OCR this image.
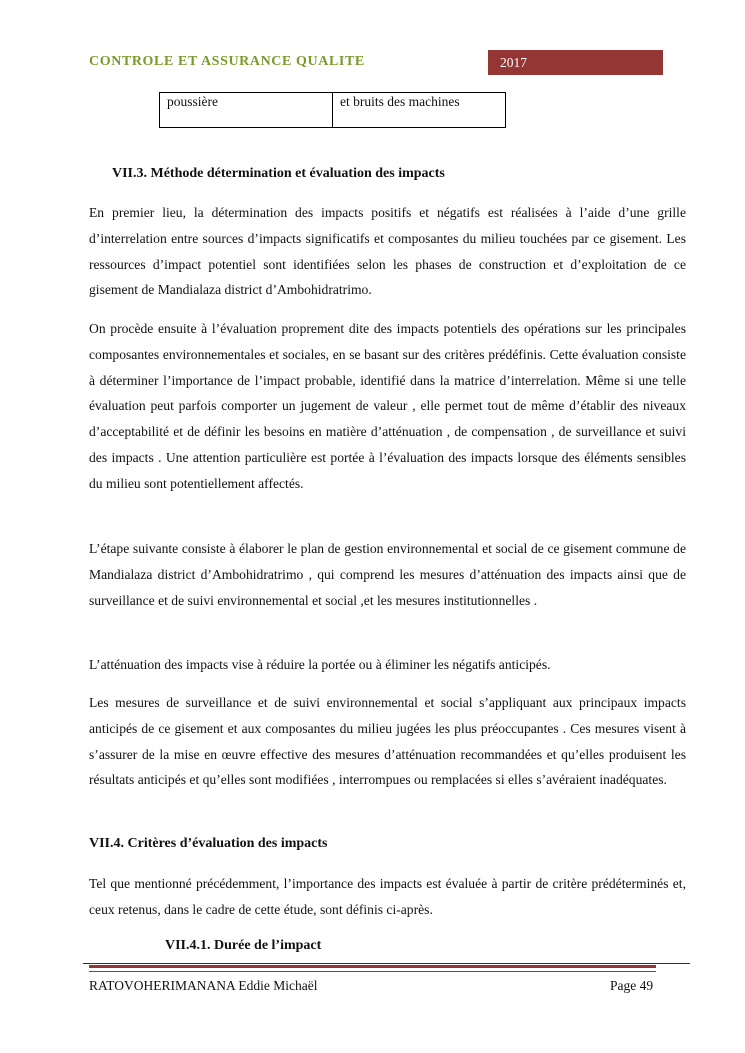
CONTROLE ET ASSURANCE QUALITE	2017
poussière	et bruits des machines
VII.3. Méthode détermination et évaluation des impacts

En premier lieu, la détermination des impacts positifs et négatifs est réalisées à l’aide d’une grille d’interrelation entre sources d’impacts significatifs et composantes du milieu touchées par ce gisement. Les ressources d’impact potentiel sont identifiées selon les phases de construction et d’exploitation de ce gisement de Mandialaza district d’Ambohidratrimo.

On procède ensuite à l’évaluation proprement dite des impacts potentiels des opérations sur les principales composantes environnementales et sociales, en se basant sur des critères prédéfinis. Cette évaluation consiste à déterminer l’importance de l’impact probable, identifié dans la matrice d’interrelation. Même si une telle évaluation peut parfois comporter un jugement de valeur , elle permet tout de même d’établir des niveaux d’acceptabilité et de définir les besoins en matière d’atténuation , de compensation , de surveillance et suivi des impacts . Une attention particulière est portée à l’évaluation des impacts lorsque des éléments sensibles du milieu sont potentiellement affectés.

L’étape suivante consiste à élaborer le plan de gestion environnemental et social de ce gisement commune de Mandialaza district d’Ambohidratrimo , qui comprend les mesures d’atténuation des impacts ainsi que de surveillance et de suivi environnemental et social ,et les mesures institutionnelles .

L’atténuation des impacts vise à réduire la portée ou à éliminer les négatifs anticipés.

Les mesures de surveillance et de suivi environnemental et social s’appliquant aux principaux impacts anticipés de ce gisement et aux composantes du milieu jugées les plus préoccupantes . Ces mesures visent à s’assurer de la mise en œuvre effective des mesures d’atténuation recommandées et qu’elles produisent les résultats anticipés et qu’elles sont modifiées , interrompues ou remplacées si elles s’avéraient inadéquates.

VII.4. Critères d’évaluation des impacts

Tel que mentionné précédemment, l’importance des impacts est évaluée à partir de critère prédéterminés et, ceux retenus, dans le cadre de cette étude, sont définis ci-après.

VII.4.1. Durée de l’impact
RATOVOHERIMANANA Eddie Michaël	Page 49
